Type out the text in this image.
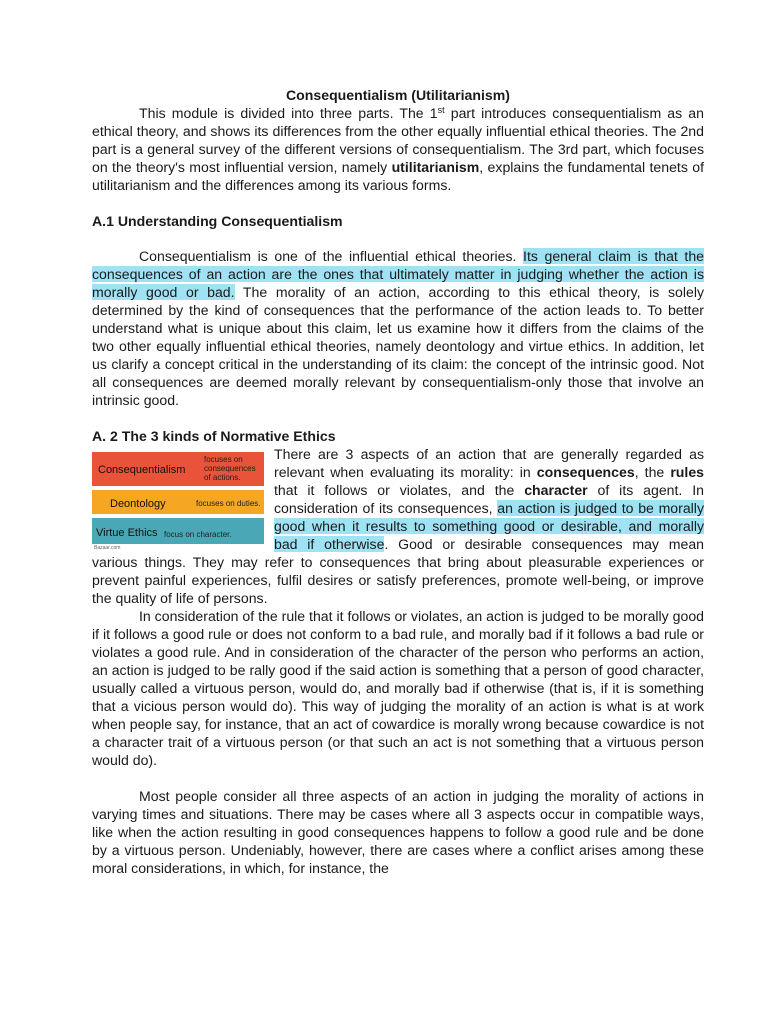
Consequentialism (Utilitarianism)

This module is divided into three parts. The 1st part introduces consequentialism as an ethical theory, and shows its differences from the other equally influential ethical theories. The 2nd part is a general survey of the different versions of consequentialism. The 3rd part, which focuses on the theory's most influential version, namely utilitarianism, explains the fundamental tenets of utilitarianism and the differences among its various forms.

A.1 Understanding Consequentialism

Consequentialism is one of the influential ethical theories. Its general claim is that the consequences of an action are the ones that ultimately matter in judging whether the action is morally good or bad. The morality of an action, according to this ethical theory, is solely determined by the kind of consequences that the performance of the action leads to. To better understand what is unique about this claim, let us examine how it differs from the claims of the two other equally influential ethical theories, namely deontology and virtue ethics. In addition, let us clarify a concept critical in the understanding of its claim: the concept of the intrinsic good. Not all consequences are deemed morally relevant by consequentialism-only those that involve an intrinsic good.

A. 2 The 3 kinds of Normative Ethics

Consequentialism
focuses on consequences of actions.
Deontology	focuses on duties.
Virtue Ethics focus on character.
Bazaar.com

There are 3 aspects of an action that are generally regarded as relevant when evaluating its morality: in consequences, the rules that it follows or violates, and the character of its agent. In consideration of its consequences, an action is judged to be morally good when it results to something good or desirable, and morally bad if otherwise. Good or desirable consequences may mean various things. They may refer to consequences that bring about pleasurable experiences or prevent painful experiences, fulfil desires or satisfy preferences, promote well-being, or improve the quality of life of persons.

In consideration of the rule that it follows or violates, an action is judged to be morally good if it follows a good rule or does not conform to a bad rule, and morally bad if it follows a bad rule or violates a good rule. And in consideration of the character of the person who performs an action, an action is judged to be rally good if the said action is something that a person of good character, usually called a virtuous person, would do, and morally bad if otherwise (that is, if it is something that a vicious person would do). This way of judging the morality of an action is what is at work when people say, for instance, that an act of cowardice is morally wrong because cowardice is not a character trait of a virtuous person (or that such an act is not something that a virtuous person would do).

Most people consider all three aspects of an action in judging the morality of actions in varying times and situations. There may be cases where all 3 aspects occur in compatible ways, like when the action resulting in good consequences happens to follow a good rule and be done by a virtuous person. Undeniably, however, there are cases where a conflict arises among these moral considerations, in which, for instance, the
